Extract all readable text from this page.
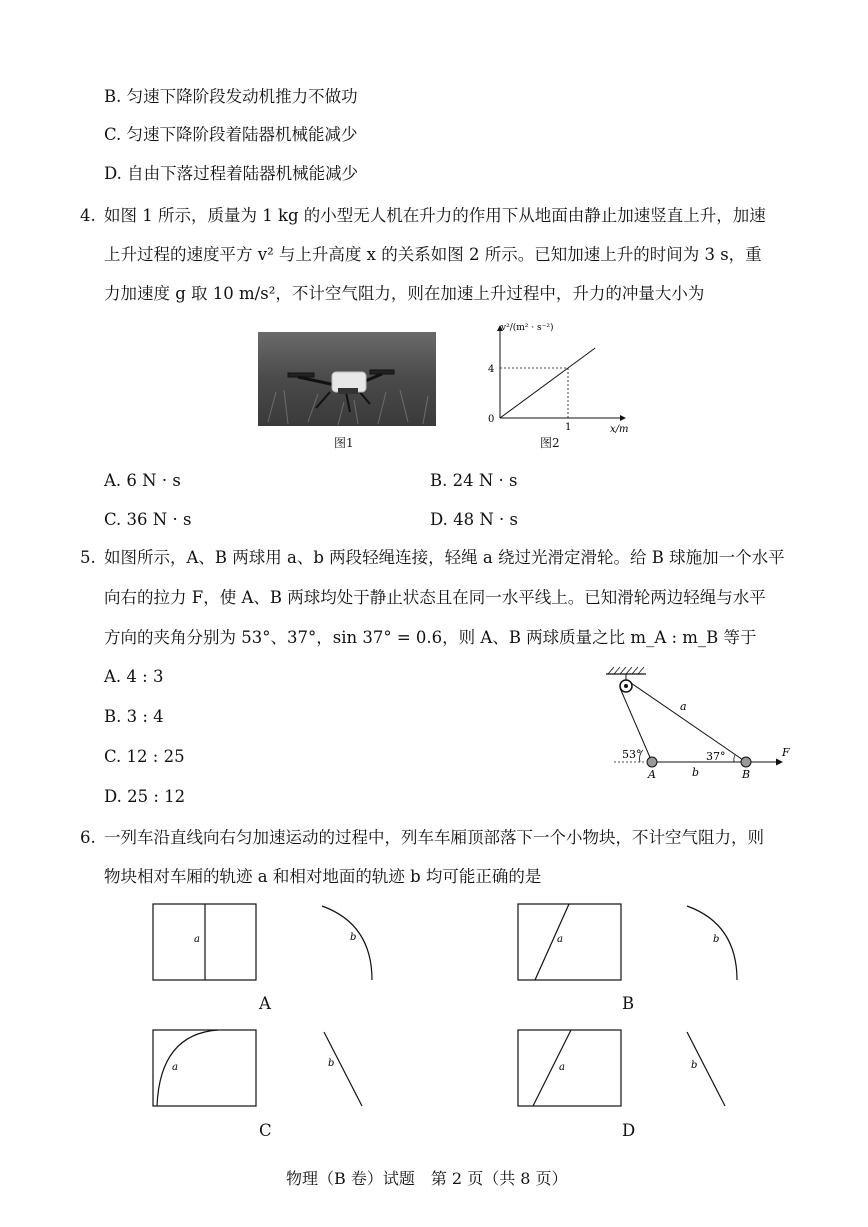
B. 匀速下降阶段发动机推力不做功
C. 匀速下降阶段着陆器机械能减少
D. 自由下落过程着陆器机械能减少
4. 如图 1 所示，质量为 1 kg 的小型无人机在升力的作用下从地面由静止加速竖直上升，加速
上升过程的速度平方 v² 与上升高度 x 的关系如图 2 所示。已知加速上升的时间为 3 s，重
力加速度 g 取 10 m/s²，不计空气阻力，则在加速上升过程中，升力的冲量大小为
图1
1
4
v²/(m² · s⁻²)
x/m
0
图2
A. 6 N · s	B. 24 N · s
C. 36 N · s	D. 48 N · s
5. 如图所示，A、B 两球用 a、b 两段轻绳连接，轻绳 a 绕过光滑定滑轮。给 B 球施加一个水平
向右的拉力 F，使 A、B 两球均处于静止状态且在同一水平线上。已知滑轮两边轻绳与水平
方向的夹角分别为 53°、37°，sin 37° = 0.6，则 A、B 两球质量之比 m_A : m_B 等于
A. 4 : 3
B. 3 : 4
C. 12 : 25
D. 25 : 12
53°	37°
A	B
a
b
F
6. 一列车沿直线向右匀加速运动的过程中，列车车厢顶部落下一个小物块，不计空气阻力，则
物块相对车厢的轨迹 a 和相对地面的轨迹 b 均可能正确的是
a	b
A
a	b
B
a	b
C
a	b
D
物理（B 卷）试题　第 2 页（共 8 页）
